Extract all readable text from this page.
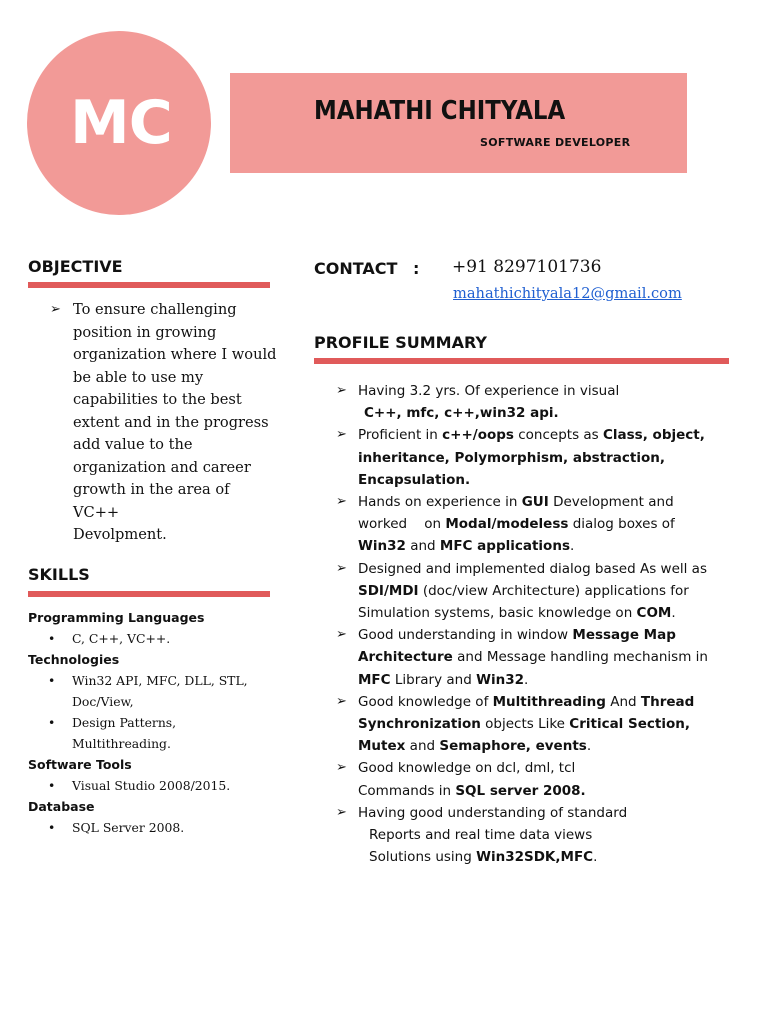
MC	MAHATHI CHITYALA
SOFTWARE DEVELOPER
OBJECTIVE
➢ To ensure challenging
position in growing
organization where I would
be able to use my
capabilities to the best
extent and in the progress
add value to the
organization and career
growth in the area of VC++
Devolpment.
SKILLS
Programming Languages
• C, C++, VC++.
Technologies
• Win32 API, MFC, DLL, STL,
Doc/View,
• Design Patterns,
Multithreading.
Software Tools
• Visual Studio 2008/2015.
Database
• SQL Server 2008.
CONTACT : +91 8297101736
mahathichityala12@gmail.com
PROFILE SUMMARY
➢ Having 3.2 yrs. Of experience in visual
C++, mfc, c++,win32 api.
➢ Proficient in c++/oops concepts as Class, object,
inheritance, Polymorphism, abstraction,
Encapsulation.
➢ Hands on experience in GUI Development and
worked    on Modal/modeless dialog boxes of
Win32 and MFC applications.
➢ Designed and implemented dialog based As well as
SDI/MDI (doc/view Architecture) applications for
Simulation systems, basic knowledge on COM.
➢ Good understanding in window Message Map
Architecture and Message handling mechanism in
MFC Library and Win32.
➢ Good knowledge of Multithreading And Thread
Synchronization objects Like Critical Section,
Mutex and Semaphore, events.
➢ Good knowledge on dcl, dml, tcl
Commands in SQL server 2008.
➢ Having good understanding of standard
Reports and real time data views
Solutions using Win32SDK,MFC.
